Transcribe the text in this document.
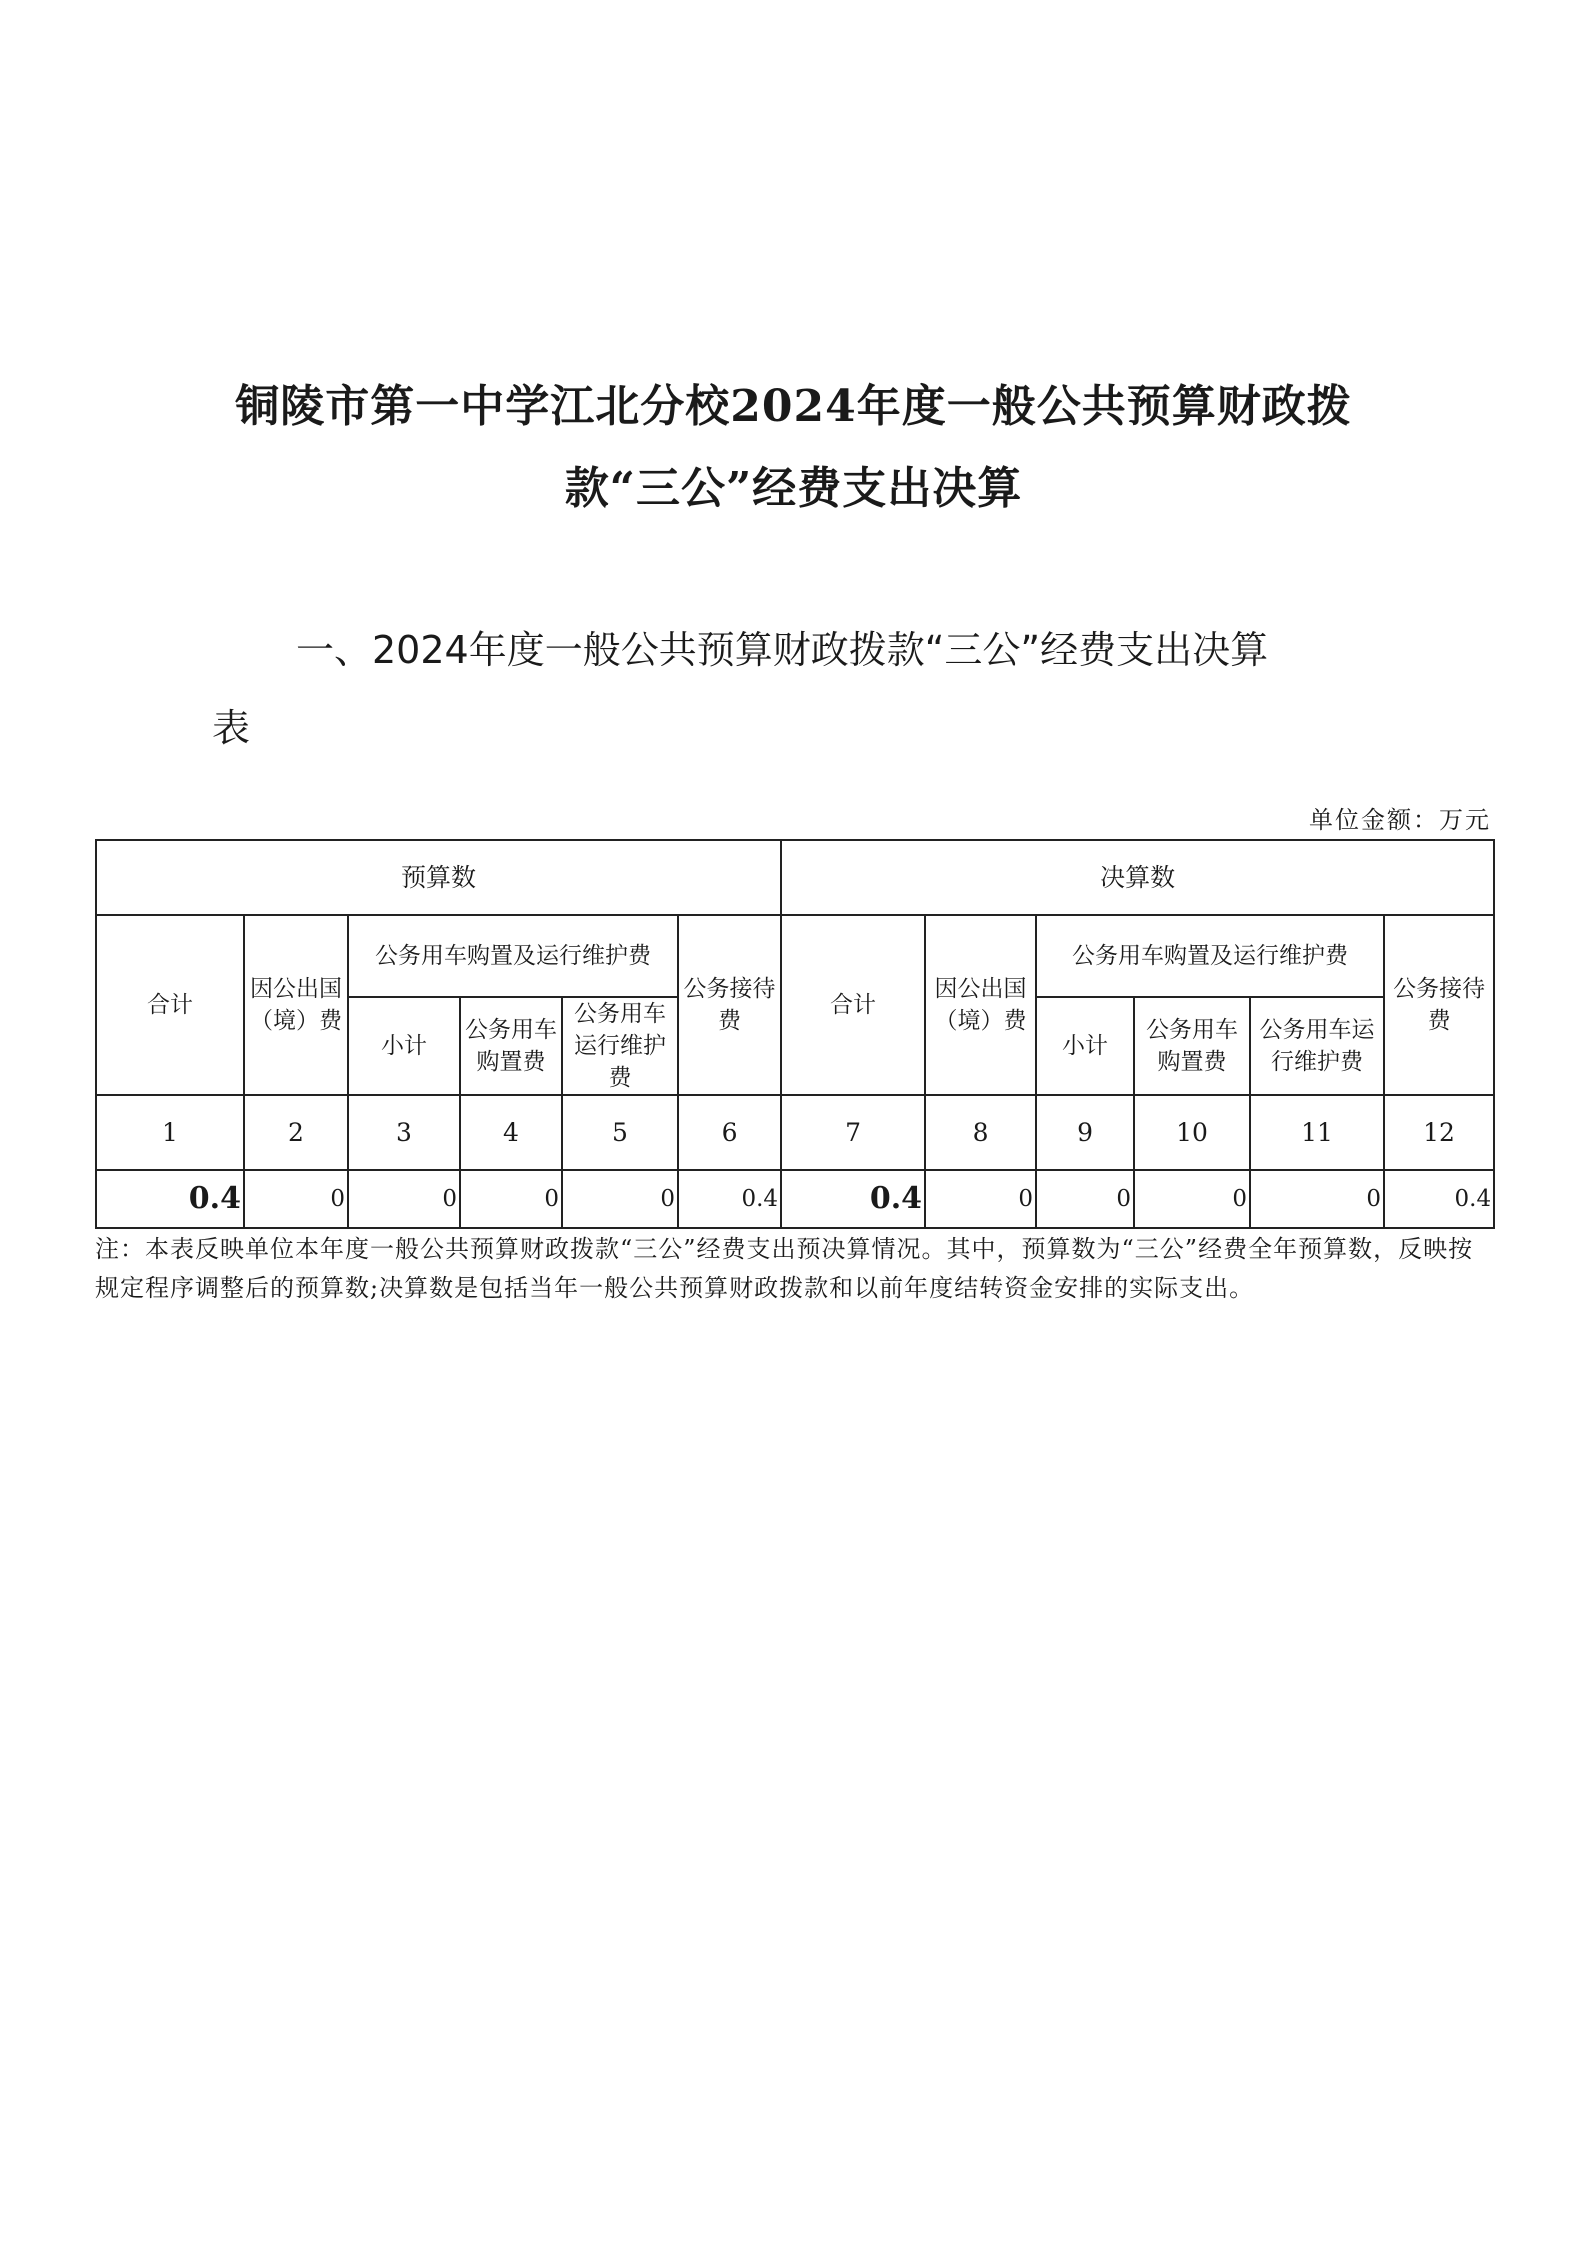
铜陵市第一中学江北分校2024年度一般公共预算财政拨
款“三公”经费支出决算
一、2024年度一般公共预算财政拨款“三公”经费支出决算
表
单位金额：万元
预算数						决算数					
合计	因公出国（境）费	公务用车购置及运行维护费			公务接待费	合计	因公出国（境）费	公务用车购置及运行维护费			公务接待费
		小计	公务用车购置费	公务用车运行维护费				小计	公务用车购置费	公务用车运行维护费	
1	2	3	4	5	6	7	8	9	10	11	12
0.4	0	0	0	0	0.4	0.4	0	0	0	0	0.4
注：本表反映单位本年度一般公共预算财政拨款“三公”经费支出预决算情况。其中，预算数为“三公”经费全年预算数，反映按规定程序调整后的预算数;决算数是包括当年一般公共预算财政拨款和以前年度结转资金安排的实际支出。
